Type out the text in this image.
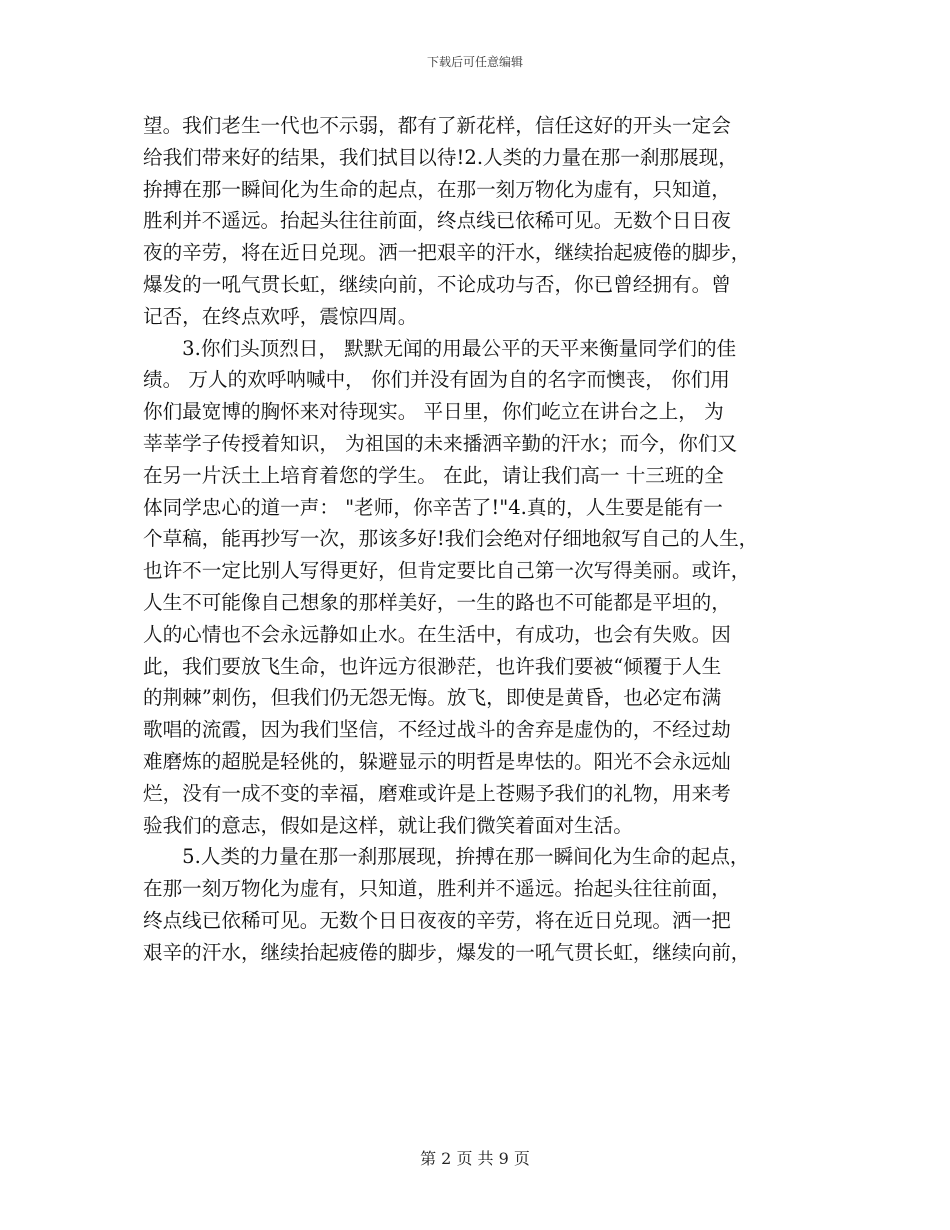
下载后可任意编辑
望。我们老生一代也不示弱，都有了新花样，信任这好的开头一定会
给我们带来好的结果，我们拭目以待!2.人类的力量在那一刹那展现，
拚搏在那一瞬间化为生命的起点，在那一刻万物化为虚有，只知道，
胜利并不遥远。抬起头往往前面，终点线已依稀可见。无数个日日夜
夜的辛劳，将在近日兑现。洒一把艰辛的汗水，继续抬起疲倦的脚步，
爆发的一吼气贯长虹，继续向前，不论成功与否，你已曾经拥有。曾
记否，在终点欢呼，震惊四周。
　　3.你们头顶烈日， 默默无闻的用最公平的天平来衡量同学们的佳
绩。 万人的欢呼呐喊中， 你们并没有固为自的名字而懊丧， 你们用
你们最宽博的胸怀来对待现实。 平日里，你们屹立在讲台之上， 为
莘莘学子传授着知识， 为祖国的未来播洒辛勤的汗水；而今，你们又
在另一片沃土上培育着您的学生。 在此，请让我们高一 十三班的全
体同学忠心的道一声： "老师，你辛苦了!"4.真的，人生要是能有一
个草稿，能再抄写一次，那该多好!我们会绝对仔细地叙写自己的人生，
也许不一定比别人写得更好，但肯定要比自己第一次写得美丽。或许，
人生不可能像自己想象的那样美好，一生的路也不可能都是平坦的，
人的心情也不会永远静如止水。在生活中，有成功，也会有失败。因
此，我们要放飞生命，也许远方很渺茫，也许我们要被“倾覆于人生
的荆棘”刺伤，但我们仍无怨无悔。放飞，即使是黄昏，也必定布满
歌唱的流霞，因为我们坚信，不经过战斗的舍弃是虚伪的，不经过劫
难磨炼的超脱是轻佻的，躲避显示的明哲是卑怯的。阳光不会永远灿
烂，没有一成不变的幸福，磨难或许是上苍赐予我们的礼物，用来考
验我们的意志，假如是这样，就让我们微笑着面对生活。
　　5.人类的力量在那一刹那展现，拚搏在那一瞬间化为生命的起点，
在那一刻万物化为虚有，只知道，胜利并不遥远。抬起头往往前面，
终点线已依稀可见。无数个日日夜夜的辛劳，将在近日兑现。洒一把
艰辛的汗水，继续抬起疲倦的脚步，爆发的一吼气贯长虹，继续向前，
第 2 页 共 9 页
